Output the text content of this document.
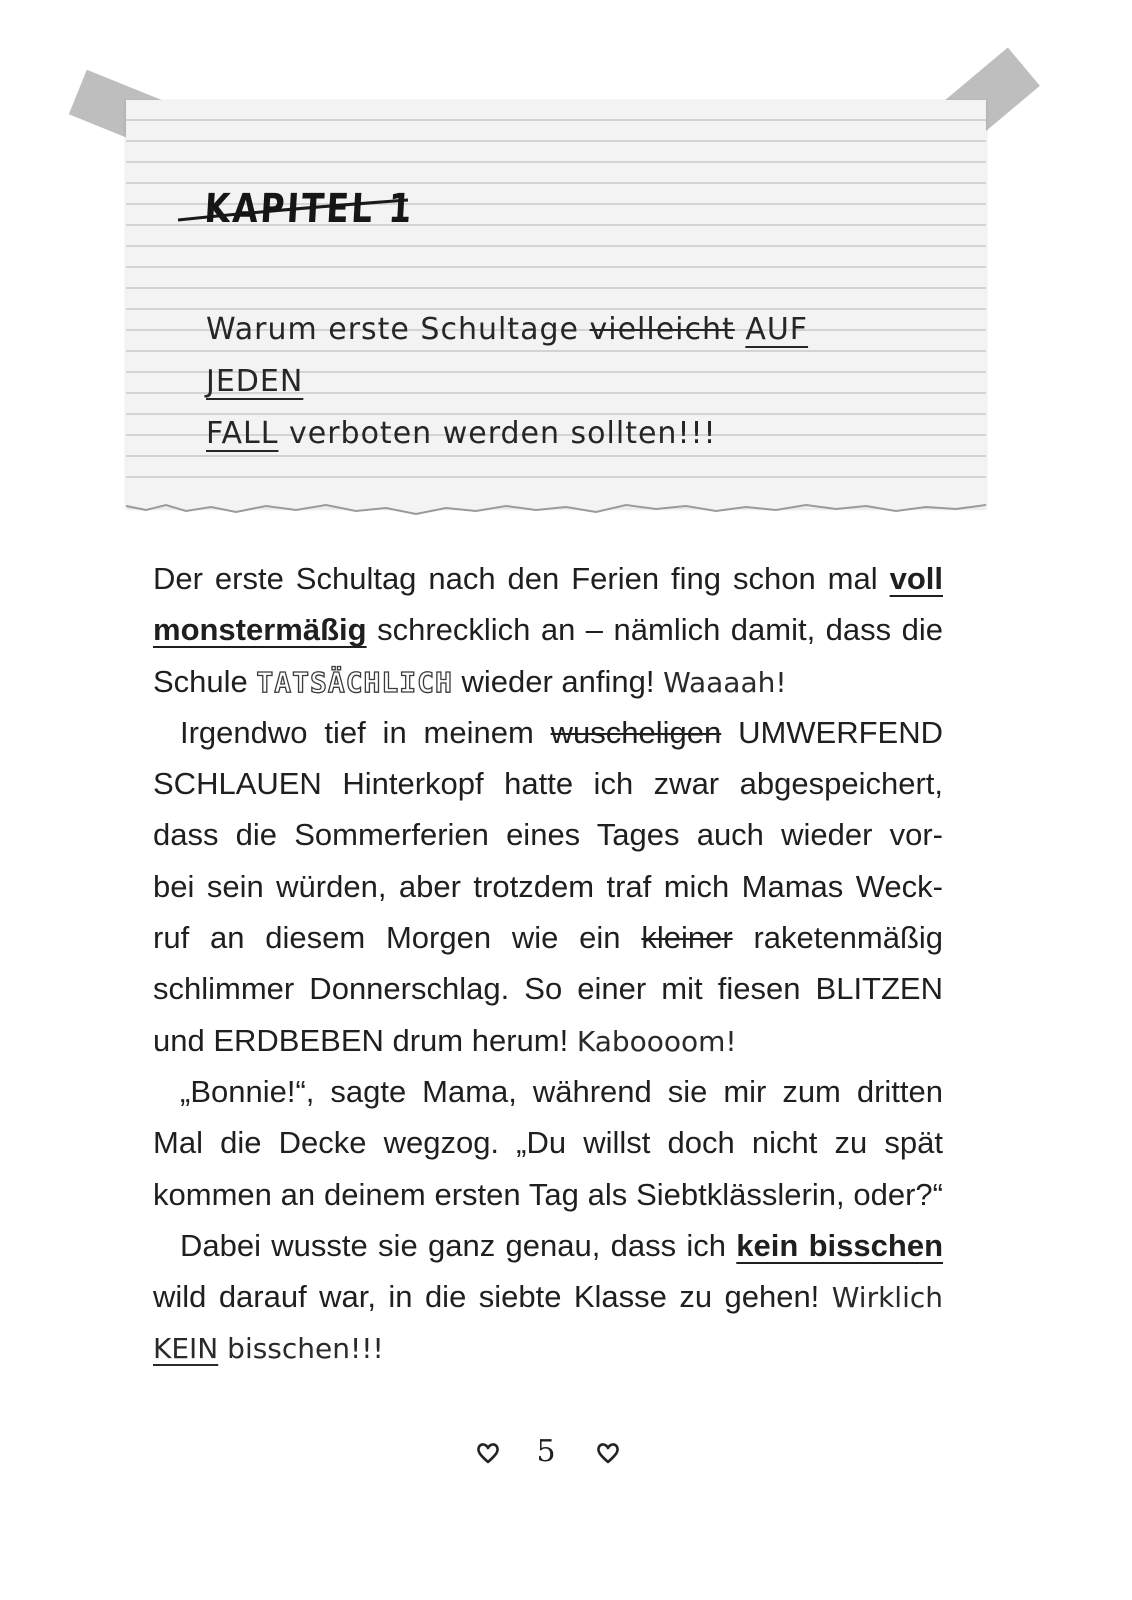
KAPITEL 1
Warum erste Schultage vielleicht AUF JEDEN
FALL verboten werden sollten!!!
Der erste Schultag nach den Ferien fing schon mal voll
monstermäßig schrecklich an – nämlich damit, dass die
Schule TATSÄCHLICH wieder anfing! Waaaah!
Irgendwo tief in meinem wuscheligen UMWERFEND
SCHLAUEN Hinterkopf hatte ich zwar abgespeichert,
dass die Sommerferien eines Tages auch wieder vor-
bei sein würden, aber trotzdem traf mich Mamas Weck-
ruf an diesem Morgen wie ein kleiner raketenmäßig
schlimmer Donnerschlag. So einer mit fiesen BLITZEN
und ERDBEBEN drum herum! Kaboooom!
„Bonnie!“, sagte Mama, während sie mir zum dritten
Mal die Decke wegzog. „Du willst doch nicht zu spät
kommen an deinem ersten Tag als Siebtklässlerin, oder?“
Dabei wusste sie ganz genau, dass ich kein bisschen
wild darauf war, in die siebte Klasse zu gehen! Wirklich
KEIN bisschen!!!
5
